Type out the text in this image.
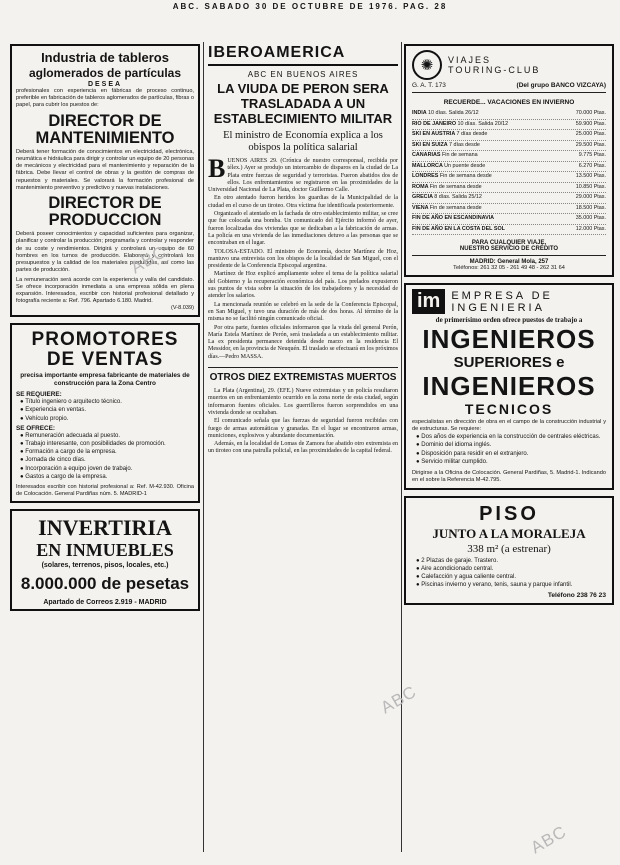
ABC. SABADO 30 DE OCTUBRE DE 1976. PAG. 28
Industria de tableros
aglomerados de partículas
DESEA
profesionales con experiencia en fábricas de proceso continuo, preferible en fabricación de tableros aglomerados de partículas, fibras o papel, para cubrir los puestos de:
DIRECTOR DE MANTENIMIENTO
Deberá tener formación de conocimientos en electricidad, electrónica, neumática e hidráulica para dirigir y controlar un equipo de 20 personas de mecánicos y electricidad para el mantenimiento y reparación de la fábrica. Debe llevar el control de obras y la gestión de compras de repuestos y materiales. Se valorará la formación profesional de mantenimiento preventivo y predictivo y nuevas instalaciones.
DIRECTOR DE PRODUCCION
Deberá poseer conocimientos y capacidad suficientes para organizar, planificar y controlar la producción; programarla y controlar y responder de su coste y rendimientos. Dirigirá y controlará un equipo de 60 hombres en los turnos de producción. Elaborará y controlará los presupuestos y la calidad de los materiales producidos, así como las partes de producción.
La remuneración será acorde con la experiencia y valía del candidato. Se ofrece incorporación inmediata a una empresa sólida en plena expansión. Interesados, escribir con historial profesional detallado y fotografía reciente a: Ref. 796. Apartado 6.180. Madrid.
(V-8.039)
PROMOTORES DE VENTAS
precisa importante empresa fabricante de materiales de construcción para la Zona Centro
SE REQUIERE:
● Título ingeniero o arquitecto técnico.
● Experiencia en ventas.
● Vehículo propio.
SE OFRECE:
● Remuneración adecuada al puesto.
● Trabajo interesante, con posibilidades de promoción.
● Formación a cargo de la empresa.
● Jornada de cinco días.
● Incorporación a equipo joven de trabajo.
● Gastos a cargo de la empresa.
Interesados escribir con historial profesional a: Ref. M-42.930. Oficina de Colocación. General Pardiñas núm. 5. MADRID-1
INVERTIRIA
EN INMUEBLES
(solares, terrenos, pisos, locales, etc.)
8.000.000 de pesetas
Apartado de Correos 2.919 - MADRID
IBEROAMERICA
ABC EN BUENOS AIRES
LA VIUDA DE PERON SERA TRASLADADA A UN ESTABLECIMIENTO MILITAR
El ministro de Economía explica a los obispos la política salarial

BUENOS AIRES 29. (Crónica de nuestro corresponsal, recibida por télex.) Ayer se produjo un intercambio de disparos en la ciudad de La Plata entre fuerzas de seguridad y terroristas. Fueron abatidos dos de ellos. Los enfrentamientos se registraron en las proximidades de la Universidad Nacional de La Plata, doctor Guillermo Calle.

En otro atentado fueron heridos los guardias de la Municipalidad de la ciudad en el curso de un tiroteo. Otra víctima fue identificada posteriormente.

Organizado el atentado en la fachada de otro establecimiento militar, se cree que fue colocada una bomba. Un comunicado del Ejército informó de ayer, fueron localizadas dos viviendas que se dedicaban a la fabricación de armas. La policía en una vivienda de las inmediaciones detuvo a las personas que se encontraban en el lugar.

TOLOSA-ESTADO. El ministro de Economía, doctor Martínez de Hoz, mantuvo una entrevista con los obispos de la localidad de San Miguel, con el presidente de la Conferencia Episcopal argentina.

Martínez de Hoz explicó ampliamente sobre el tema de la política salarial del Gobierno y la recuperación económica del país. Los prelados expusieron sus puntos de vista sobre la situación de los trabajadores y la necesidad de atender los salarios.

La mencionada reunión se celebró en la sede de la Conferencia Episcopal, en San Miguel, y tuvo una duración de más de dos horas. Al término de la misma no se facilitó ningún comunicado oficial.

Por otra parte, fuentes oficiales informaron que la viuda del general Perón, María Estela Martínez de Perón, será trasladada a un establecimiento militar. La ex presidenta permanece detenida desde marzo en la residencia El Messidor, en la provincia de Neuquén. El traslado se efectuará en los próximos días.—Pedro MASSA.

OTROS DIEZ EXTREMISTAS MUERTOS

La Plata (Argentina), 29. (EFE.) Nueve extremistas y un policía resultaron muertos en un enfrentamiento ocurrido en la zona norte de esta ciudad, según informaron fuentes oficiales. Los guerrilleros fueron sorprendidos en una vivienda donde se ocultaban.

El comunicado señala que las fuerzas de seguridad fueron recibidas con fuego de armas automáticas y granadas. En el lugar se encontraron armas, municiones, explosivos y abundante documentación.

Además, en la localidad de Lomas de Zamora fue abatido otro extremista en un tiroteo con una patrulla policial, en las proximidades de la capital federal.

✺	VIAJES
TOURING-CLUB
G. A. T. 173	(Del grupo BANCO VIZCAYA)
RECUERDE... VACACIONES EN INVIERNO
INDIA 10 días. Salida 26/12	70.000 Ptas.
RIO DE JANEIRO 10 días. Salida 20/12	59.900 Ptas.
SKI EN AUSTRIA 7 días desde	25.000 Ptas.
SKI EN SUIZA 7 días desde	29.500 Ptas.
CANARIAS Fin de semana	9.775 Ptas.
MALLORCA Un puente desde	6.270 Ptas.
LONDRES Fin de semana desde	13.500 Ptas.
ROMA Fin de semana desde	10.850 Ptas.
GRECIA 8 días. Salida 25/12	29.000 Ptas.
VIENA Fin de semana desde	18.500 Ptas.
FIN DE AÑO EN ESCANDINAVIA	35.000 Ptas.
FIN DE AÑO EN LA COSTA DEL SOL	12.000 Ptas.
PARA CUALQUIER VIAJE,
NUESTRO SERVICIO DE CRÉDITO
MADRID: General Mola, 257
Teléfonos: 261 32 05 - 261 49 48 - 262 31 64
im	EMPRESA DE
INGENIERIA
de primerísimo orden ofrece puestos de trabajo a
INGENIEROS
SUPERIORES e
INGENIEROS
TECNICOS
especialistas en dirección de obra en el campo de la construcción industrial y de estructuras. Se requiere:
● Dos años de experiencia en la construcción de centrales eléctricas.
● Dominio del idioma inglés.
● Disposición para residir en el extranjero.
● Servicio militar cumplido.
Dirigirse a la Oficina de Colocación. General Pardiñas, 5. Madrid-1. Indicando en el sobre la Referencia M-42.795.
PISO
JUNTO A LA MORALEJA
338 m² (a estrenar)
● 2 Plazas de garaje. Trastero.
● Aire acondicionado central.
● Calefacción y agua caliente central.
● Piscinas invierno y verano, tenis, sauna y parque infantil.
Teléfono 238 76 23
ABC
ABC
ABC
